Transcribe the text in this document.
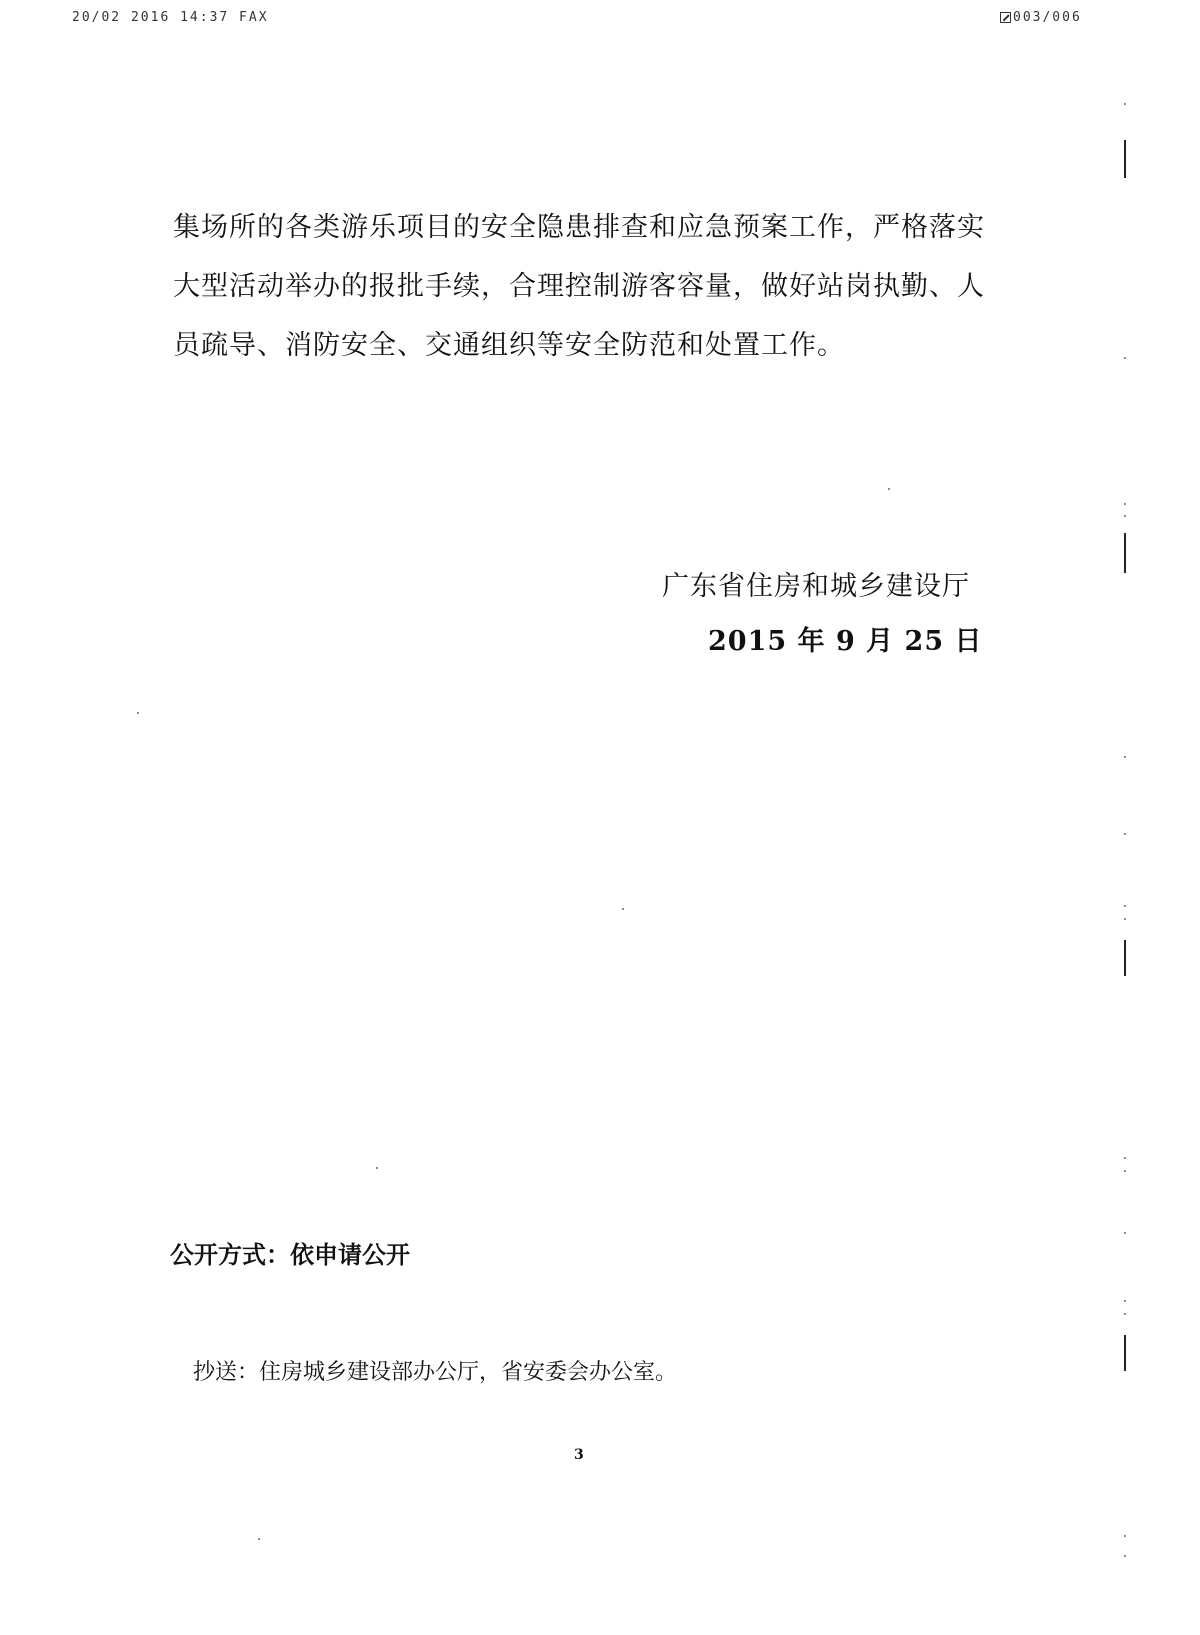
20/02 2016 14:37 FAX	003/006

集场所的各类游乐项目的安全隐患排查和应急预案工作，严格落实

大型活动举办的报批手续，合理控制游客容量，做好站岗执勤、人

员疏导、消防安全、交通组织等安全防范和处置工作。

广东省住房和城乡建设厅
2015 年 9 月 25 日
公开方式：依申请公开
抄送：住房城乡建设部办公厅，省安委会办公室。
3
